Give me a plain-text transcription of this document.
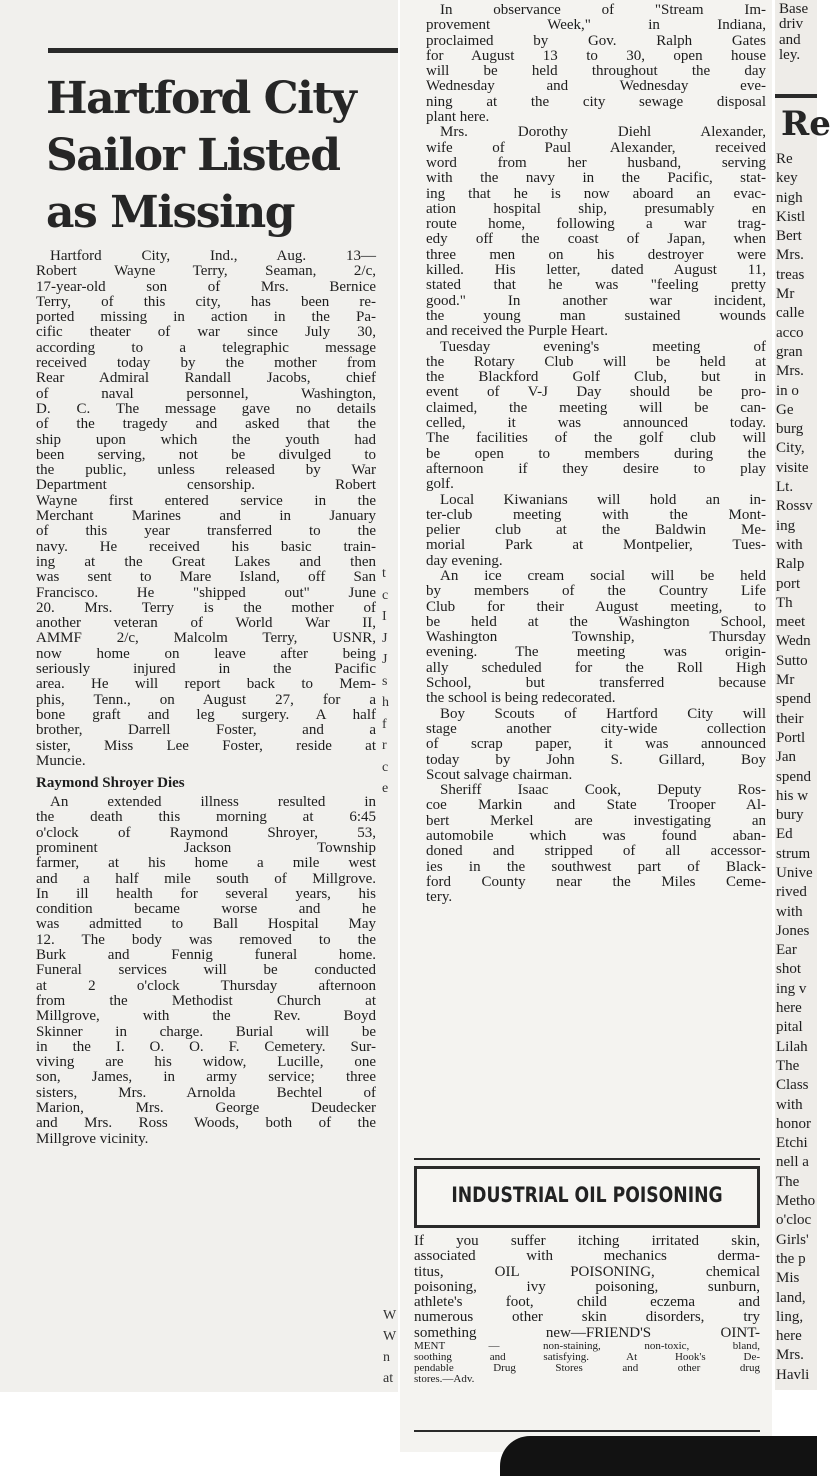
Hartford City
Sailor Listed
as Missing
Hartford City, Ind., Aug. 13—
Robert Wayne Terry, Seaman, 2/c,
17-year-old son of Mrs. Bernice
Terry, of this city, has been re-
ported missing in action in the Pa-
cific theater of war since July 30,
according to a telegraphic message
received today by the mother from
Rear Admiral Randall Jacobs, chief
of naval personnel, Washington,
D. C. The message gave no details
of the tragedy and asked that the
ship upon which the youth had
been serving, not be divulged to
the public, unless released by War
Department censorship. Robert
Wayne first entered service in the
Merchant Marines and in January
of this year transferred to the
navy. He received his basic train-
ing at the Great Lakes and then
was sent to Mare Island, off San
Francisco. He "shipped out" June
20. Mrs. Terry is the mother of
another veteran of World War II,
AMMF 2/c, Malcolm Terry, USNR,
now home on leave after being
seriously injured in the Pacific
area. He will report back to Mem-
phis, Tenn., on August 27, for a
bone graft and leg surgery. A half
brother, Darrell Foster, and a
sister, Miss Lee Foster, reside at
Muncie.
Raymond Shroyer Dies
An extended illness resulted in
the death this morning at 6:45
o'clock of Raymond Shroyer, 53,
prominent Jackson Township
farmer, at his home a mile west
and a half mile south of Millgrove.
In ill health for several years, his
condition became worse and he
was admitted to Ball Hospital May
12. The body was removed to the
Burk and Fennig funeral home.
Funeral services will be conducted
at 2 o'clock Thursday afternoon
from the Methodist Church at
Millgrove, with the Rev. Boyd
Skinner in charge. Burial will be
in the I. O. O. F. Cemetery. Sur-
viving are his widow, Lucille, one
son, James, in army service; three
sisters, Mrs. Arnolda Bechtel of
Marion, Mrs. George Deudecker
and Mrs. Ross Woods, both of the
Millgrove vicinity.
t
c
I
J
J
s
h
f
r
c
e
W
W
n
at
In observance of "Stream Im-
provement Week," in Indiana,
proclaimed by Gov. Ralph Gates
for August 13 to 30, open house
will be held throughout the day
Wednesday and Wednesday eve-
ning at the city sewage disposal
plant here.
Mrs. Dorothy Diehl Alexander,
wife of Paul Alexander, received
word from her husband, serving
with the navy in the Pacific, stat-
ing that he is now aboard an evac-
ation hospital ship, presumably en
route home, following a war trag-
edy off the coast of Japan, when
three men on his destroyer were
killed. His letter, dated August 11,
stated that he was "feeling pretty
good." In another war incident,
the young man sustained wounds
and received the Purple Heart.
Tuesday evening's meeting of
the Rotary Club will be held at
the Blackford Golf Club, but in
event of V-J Day should be pro-
claimed, the meeting will be can-
celled, it was announced today.
The facilities of the golf club will
be open to members during the
afternoon if they desire to play
golf.
Local Kiwanians will hold an in-
ter-club meeting with the Mont-
pelier club at the Baldwin Me-
morial Park at Montpelier, Tues-
day evening.
An ice cream social will be held
by members of the Country Life
Club for their August meeting, to
be held at the Washington School,
Washington Township, Thursday
evening. The meeting was origin-
ally scheduled for the Roll High
School, but transferred because
the school is being redecorated.
Boy Scouts of Hartford City will
stage another city-wide collection
of scrap paper, it was announced
today by John S. Gillard, Boy
Scout salvage chairman.
Sheriff Isaac Cook, Deputy Ros-
coe Markin and State Trooper Al-
bert Merkel are investigating an
automobile which was found aban-
doned and stripped of all accessor-
ies in the southwest part of Black-
ford County near the Miles Ceme-
tery.
If you suffer itching irritated skin,
associated with mechanics derma-
titus, OIL POISONING, chemical
poisoning, ivy poisoning, sunburn,
athlete's foot, child eczema and
numerous other skin disorders, try
something new—FRIEND'S OINT-
MENT — non-staining, non-toxic, bland,
soothing and satisfying. At Hook's De-
pendable Drug Stores and other drug
stores.—Adv.
INDUSTRIAL OIL POISONING
Base
driv
and
ley.
Re
Re
key
nigh
Kistl
Bert
Mrs.
treas
Mr
calle
acco
gran
Mrs.
in o
Ge
burg
City,
visite
Lt.
Rossv
ing
with
Ralp
port
Th
meet
Wedn
Sutto
Mr
spend
their
Portl
Jan
spend
his w
bury
Ed
strum
Unive
rived
with
Jones
Ear
shot
ing v
here
pital
Lilah
The
Class
with
honor
Etchi
nell a
The
Metho
o'cloc
Girls'
the p
Mis
land,
ling,
here
Mrs.
Havli
